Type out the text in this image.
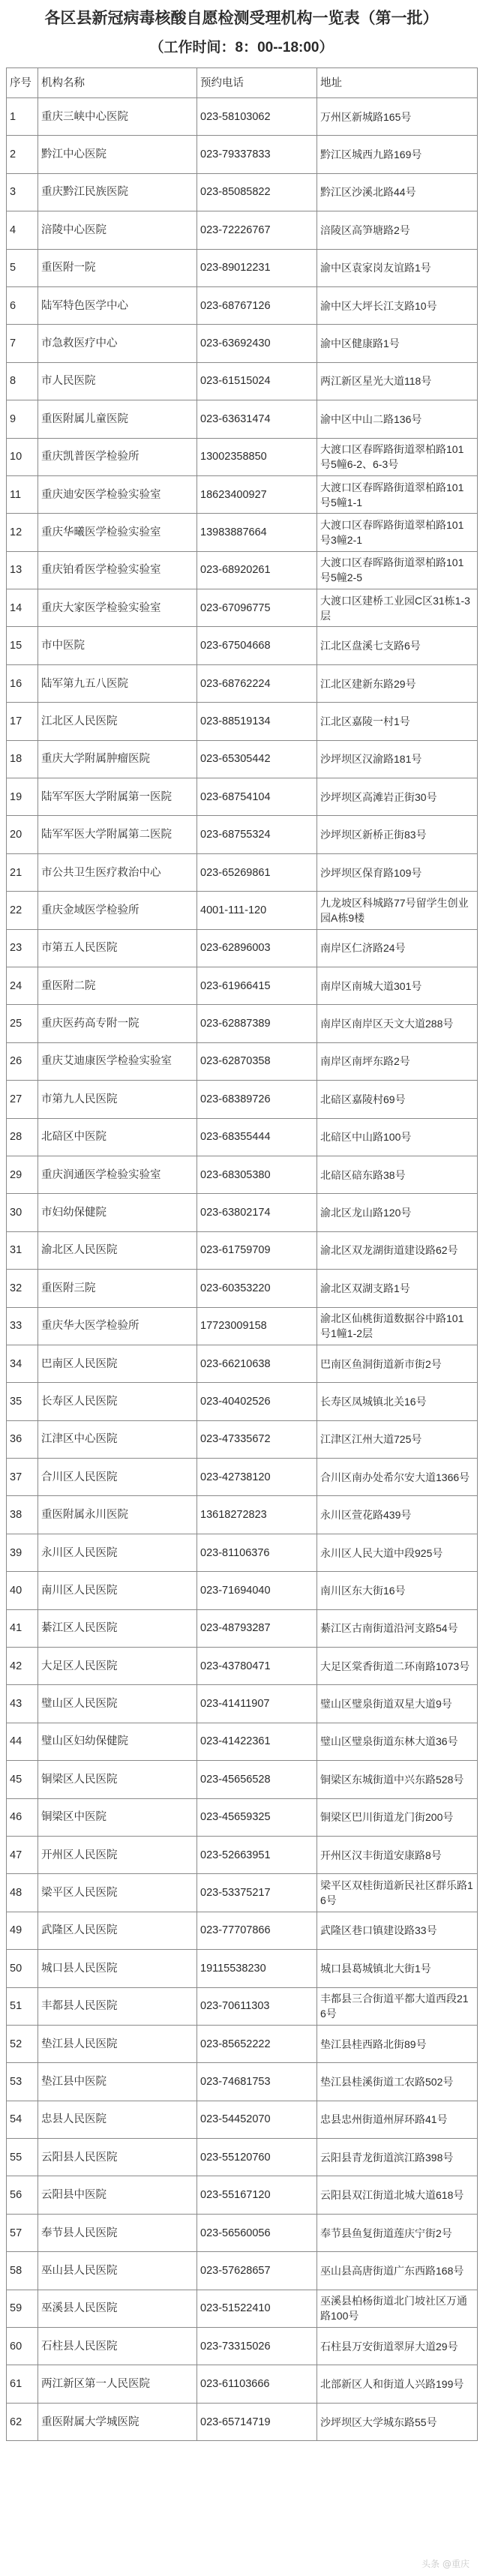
各区县新冠病毒核酸自愿检测受理机构一览表（第一批）
（工作时间：8：00--18:00）
序号	机构名称	预约电话	地址
1	重庆三峡中心医院	023-58103062	万州区新城路165号
2	黔江中心医院	023-79337833	黔江区城西九路169号
3	重庆黔江民族医院	023-85085822	黔江区沙溪北路44号
4	涪陵中心医院	023-72226767	涪陵区高笋塘路2号
5	重医附一院	023-89012231	渝中区袁家岗友谊路1号
6	陆军特色医学中心	023-68767126	渝中区大坪长江支路10号
7	市急救医疗中心	023-63692430	渝中区健康路1号
8	市人民医院	023-61515024	两江新区星光大道118号
9	重医附属儿童医院	023-63631474	渝中区中山二路136号
10	重庆凯普医学检验所	13002358850	大渡口区春晖路街道翠柏路101号5幢6-2、6-3号
11	重庆迪安医学检验实验室	18623400927	大渡口区春晖路街道翠柏路101号5幢1-1
12	重庆华曦医学检验实验室	13983887664	大渡口区春晖路街道翠柏路101号3幢2-1
13	重庆铂肴医学检验实验室	023-68920261	大渡口区春晖路街道翠柏路101号5幢2-5
14	重庆大家医学检验实验室	023-67096775	大渡口区建桥工业园C区31栋1-3层
15	市中医院	023-67504668	江北区盘溪七支路6号
16	陆军第九五八医院	023-68762224	江北区建新东路29号
17	江北区人民医院	023-88519134	江北区嘉陵一村1号
18	重庆大学附属肿瘤医院	023-65305442	沙坪坝区汉渝路181号
19	陆军军医大学附属第一医院	023-68754104	沙坪坝区高滩岩正街30号
20	陆军军医大学附属第二医院	023-68755324	沙坪坝区新桥正街83号
21	市公共卫生医疗救治中心	023-65269861	沙坪坝区保育路109号
22	重庆金域医学检验所	4001-111-120	九龙坡区科城路77号留学生创业园A栋9楼
23	市第五人民医院	023-62896003	南岸区仁济路24号
24	重医附二院	023-61966415	南岸区南城大道301号
25	重庆医药高专附一院	023-62887389	南岸区南岸区天文大道288号
26	重庆艾迪康医学检验实验室	023-62870358	南岸区南坪东路2号
27	市第九人民医院	023-68389726	北碚区嘉陵村69号
28	北碚区中医院	023-68355444	北碚区中山路100号
29	重庆润通医学检验实验室	023-68305380	北碚区碚东路38号
30	市妇幼保健院	023-63802174	渝北区龙山路120号
31	渝北区人民医院	023-61759709	渝北区双龙湖街道建设路62号
32	重医附三院	023-60353220	渝北区双湖支路1号
33	重庆华大医学检验所	17723009158	渝北区仙桃街道数据谷中路101号1幢1-2层
34	巴南区人民医院	023-66210638	巴南区鱼洞街道新市街2号
35	长寿区人民医院	023-40402526	长寿区凤城镇北关16号
36	江津区中心医院	023-47335672	江津区江州大道725号
37	合川区人民医院	023-42738120	合川区南办处希尔安大道1366号
38	重医附属永川医院	13618272823	永川区萱花路439号
39	永川区人民医院	023-81106376	永川区人民大道中段925号
40	南川区人民医院	023-71694040	南川区东大街16号
41	綦江区人民医院	023-48793287	綦江区古南街道沿河支路54号
42	大足区人民医院	023-43780471	大足区棠香街道二环南路1073号
43	璧山区人民医院	023-41411907	璧山区璧泉街道双星大道9号
44	璧山区妇幼保健院	023-41422361	璧山区璧泉街道东林大道36号
45	铜梁区人民医院	023-45656528	铜梁区东城街道中兴东路528号
46	铜梁区中医院	023-45659325	铜梁区巴川街道龙门街200号
47	开州区人民医院	023-52663951	开州区汉丰街道安康路8号
48	梁平区人民医院	023-53375217	梁平区双桂街道新民社区群乐路16号
49	武隆区人民医院	023-77707866	武隆区巷口镇建设路33号
50	城口县人民医院	19115538230	城口县葛城镇北大街1号
51	丰都县人民医院	023-70611303	丰都县三合街道平都大道西段216号
52	垫江县人民医院	023-85652222	垫江县桂西路北街89号
53	垫江县中医院	023-74681753	垫江县桂溪街道工农路502号
54	忠县人民医院	023-54452070	忠县忠州街道州屏环路41号
55	云阳县人民医院	023-55120760	云阳县青龙街道滨江路398号
56	云阳县中医院	023-55167120	云阳县双江街道北城大道618号
57	奉节县人民医院	023-56560056	奉节县鱼复街道莲庆宁街2号
58	巫山县人民医院	023-57628657	巫山县高唐街道广东西路168号
59	巫溪县人民医院	023-51522410	巫溪县柏杨街道北门坡社区万通路100号
60	石柱县人民医院	023-73315026	石柱县万安街道翠屏大道29号
61	两江新区第一人民医院	023-61103666	北部新区人和街道人兴路199号
62	重医附属大学城医院	023-65714719	沙坪坝区大学城东路55号
头条 @重庆
